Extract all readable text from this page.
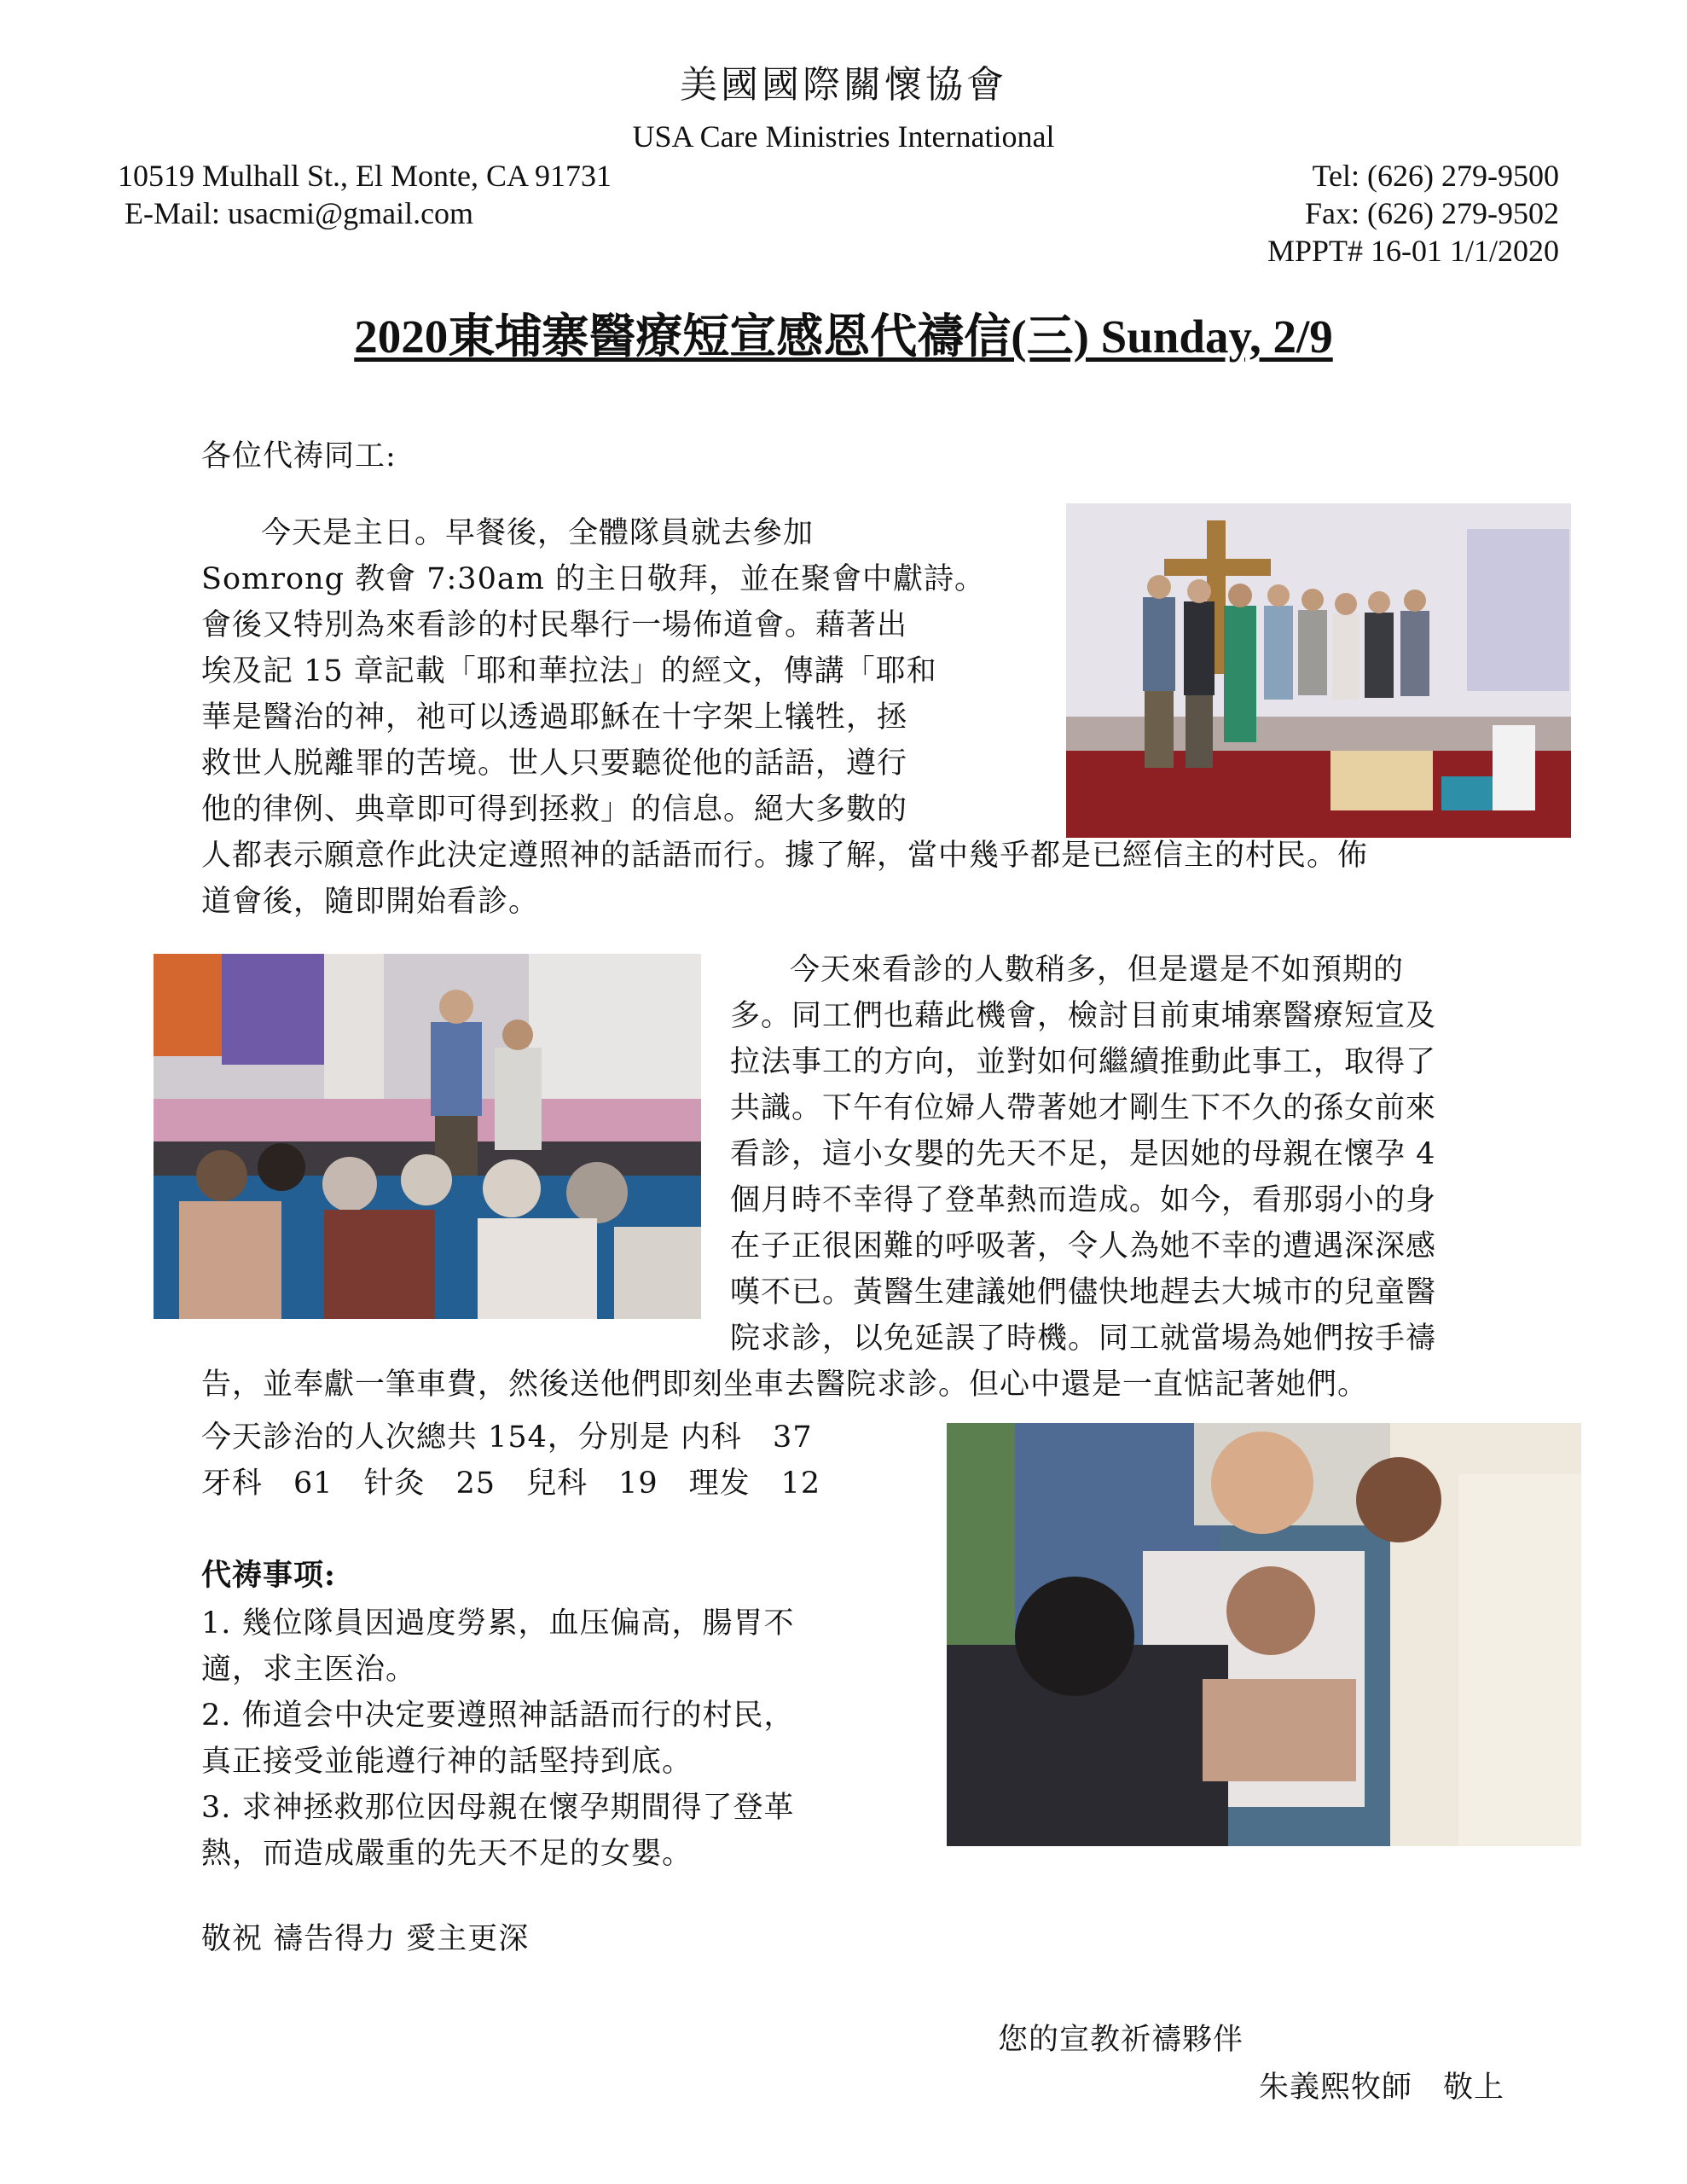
美國國際關懷協會
USA Care Ministries International
10519 Mulhall St., El Monte, CA 91731
E-Mail: usacmi@gmail.com
Tel: (626) 279-9500
Fax: (626) 279-9502
MPPT# 16-01 1/1/2020
2020東埔寨醫療短宣感恩代禱信(三) Sunday, 2/9
各位代祷同工:
今天是主日。早餐後，全體隊員就去參加
Somrong 教會 7:30am 的主日敬拜，並在聚會中獻詩。
會後又特別為來看診的村民舉行一場佈道會。藉著出
埃及記 15 章記載「耶和華拉法」的經文，傳講「耶和
華是醫治的神，祂可以透過耶穌在十字架上犠牲，拯
救世人脱離罪的苦境。世人只要聽從他的話語，遵行
他的律例、典章即可得到拯救」的信息。絕大多數的
人都表示願意作此決定遵照神的話語而行。據了解，當中幾乎都是已經信主的村民。佈
道會後，隨即開始看診。
今天來看診的人數稍多，但是還是不如預期的
多。同工們也藉此機會，檢討目前東埔寨醫療短宣及
拉法事工的方向，並對如何繼續推動此事工，取得了
共識。下午有位婦人帶著她才剛生下不久的孫女前來
看診，這小女嬰的先天不足，是因她的母親在懷孕 4
個月時不幸得了登革熱而造成。如今，看那弱小的身
在子正很困難的呼吸著，令人為她不幸的遭遇深深感
嘆不已。黃醫生建議她們儘快地趕去大城市的兒童醫
院求診，以免延誤了時機。同工就當場為她們按手禱
告，並奉獻一筆車費，然後送他們即刻坐車去醫院求診。但心中還是一直惦記著她們。
今天診治的人次總共 154，分別是 内科　37
牙科　61　针灸　25　兒科　19　理发　12
代祷事项:
1. 幾位隊員因過度勞累，血压偏高，腸胃不
適，求主医治。
2. 佈道会中决定要遵照神話語而行的村民，
真正接受並能遵行神的話堅持到底。
3. 求神拯救那位因母親在懷孕期間得了登革
熱，而造成嚴重的先天不足的女嬰。
敬祝 禱告得力 愛主更深
您的宣教祈禱夥伴
朱義熙牧師　敬上
